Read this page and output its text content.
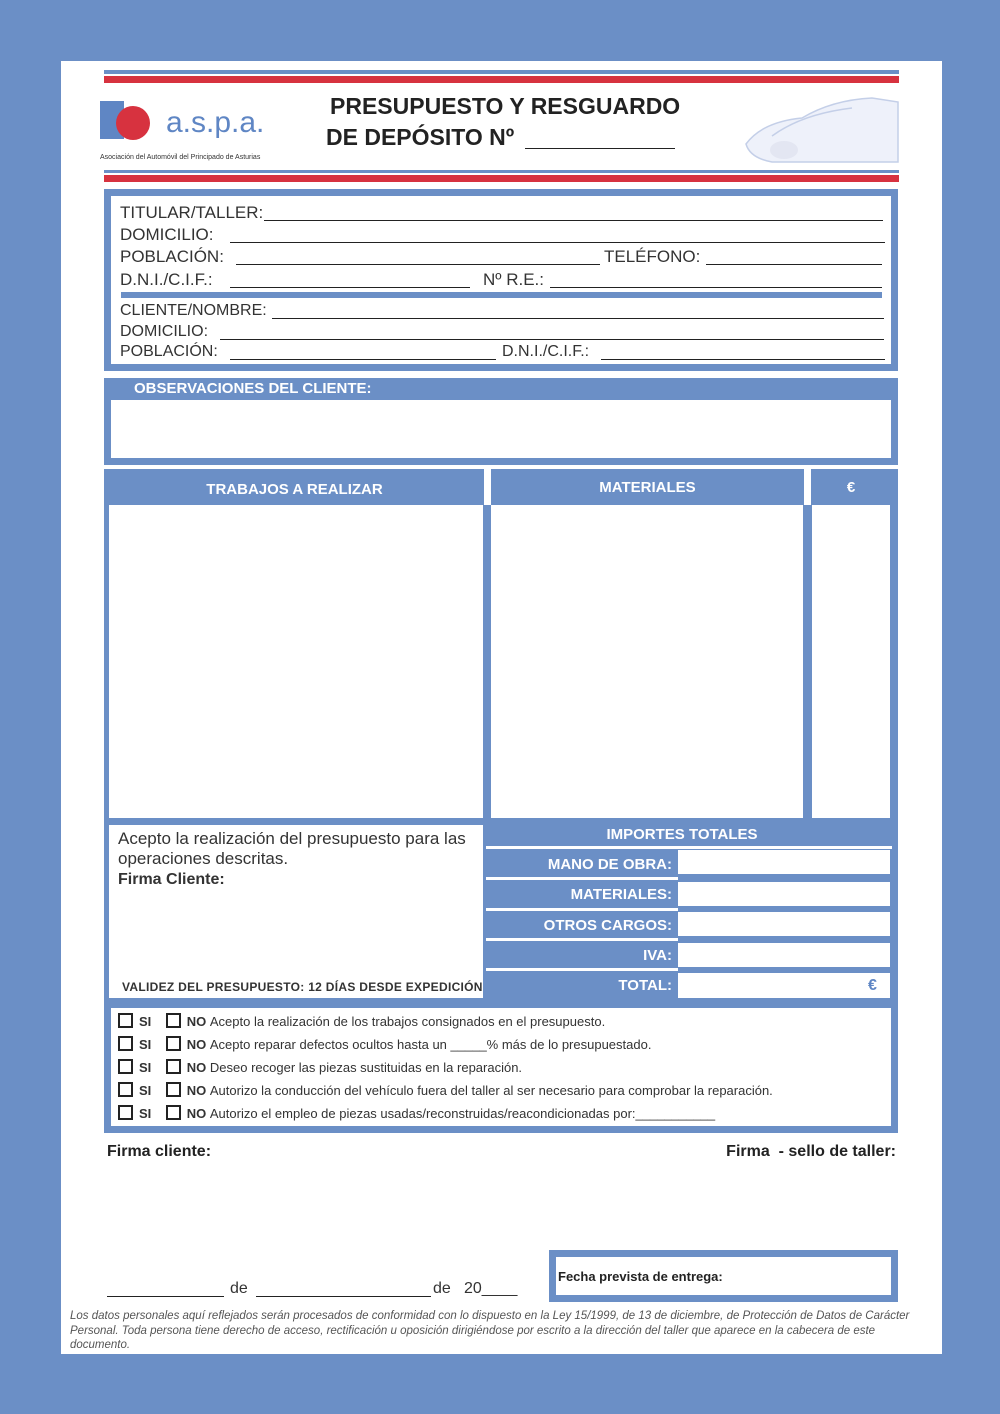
a.s.p.a.
Asociación del Automóvil del Principado de Asturias
PRESUPUESTO Y RESGUARDO
DE DEPÓSITO Nº
TITULAR/TALLER:
DOMICILIO:
POBLACIÓN:	TELÉFONO:
D.N.I./C.I.F.:	Nº R.E.:
CLIENTE/NOMBRE:
DOMICILIO:
POBLACIÓN:	D.N.I./C.I.F.:
OBSERVACIONES DEL CLIENTE:
TRABAJOS A REALIZAR	MATERIALES	€
Acepto la realización del presupuesto para las operaciones descritas.
Firma Cliente:
VALIDEZ DEL PRESUPUESTO: 12 DÍAS DESDE EXPEDICIÓN
IMPORTES TOTALES
MANO DE OBRA:
MATERIALES:
OTROS CARGOS:
IVA:
TOTAL:	€
SI	NO Acepto la realización de los trabajos consignados en el presupuesto.
SI	NO Acepto reparar defectos ocultos hasta un _____% más de lo presupuestado.
SI	NO Deseo recoger las piezas sustituidas en la reparación.
SI	NO Autorizo la conducción del vehículo fuera del taller al ser necesario para comprobar la reparación.
SI	NO Autorizo el empleo de piezas usadas/reconstruidas/reacondicionadas por:___________
Firma cliente:	Firma  - sello de taller:
de	de 20____
Fecha prevista de entrega:
Los datos personales aquí reflejados serán procesados de conformidad con lo dispuesto en la Ley 15/1999, de 13 de diciembre, de Protección de Datos de Carácter Personal. Toda persona tiene derecho de acceso, rectificación u oposición dirigiéndose por escrito a la dirección del taller que aparece en la cabecera de este documento.
